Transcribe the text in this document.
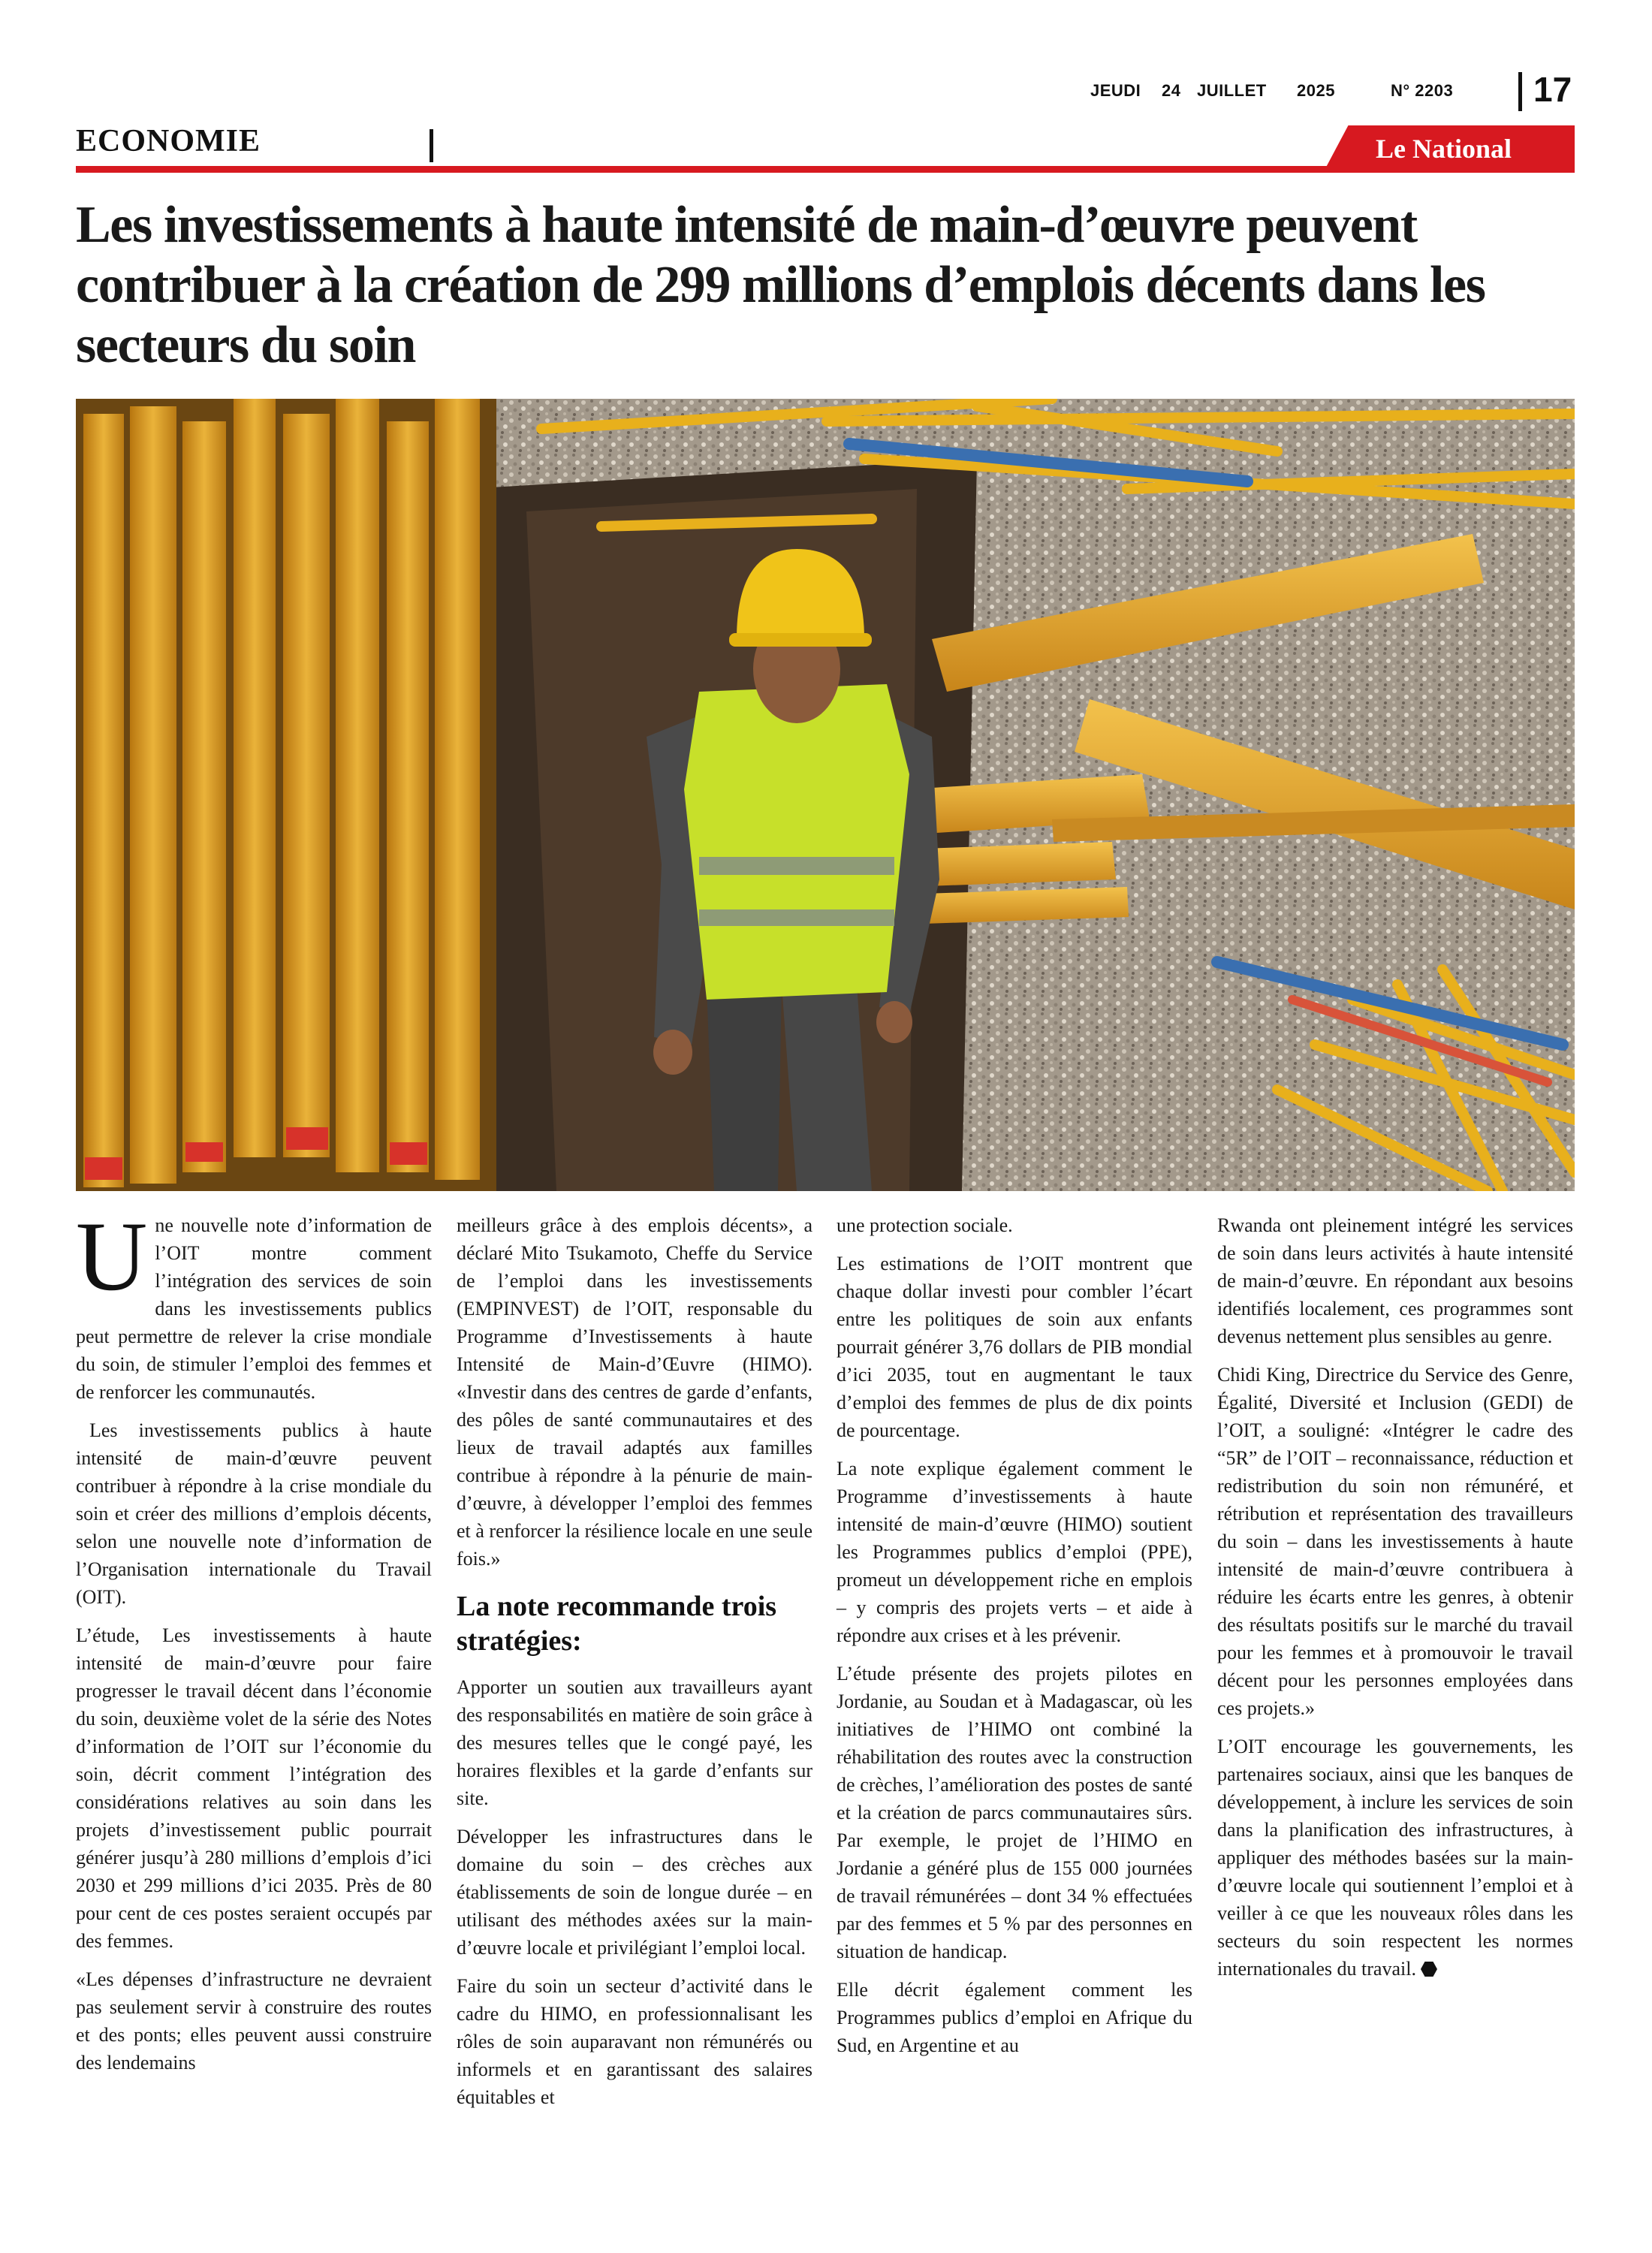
JEUDI 24 JUILLET 2025	N° 2203 17
ECONOMIE	Le National
Les investissements à haute intensité de main-d’œuvre peuvent contribuer à la création de 299 millions d’emplois décents dans les secteurs du soin

Une nouvelle note d’information de l’OIT montre comment l’intégration des services de soin dans les investissements publics peut permettre de relever la crise mondiale du soin, de stimuler l’emploi des femmes et de renforcer les communautés.

Les investissements publics à haute intensité de main-d’œuvre peuvent contribuer à répondre à la crise mondiale du soin et créer des millions d’emplois décents, selon une nouvelle note d’information de l’Organisation internationale du Travail (OIT).

L’étude, Les investissements à haute intensité de main-d’œuvre pour faire progresser le travail décent dans l’économie du soin, deuxième volet de la série des Notes d’information de l’OIT sur l’économie du soin, décrit comment l’intégration des considérations relatives au soin dans les projets d’investissement public pourrait générer jusqu’à 280 millions d’emplois d’ici 2030 et 299 millions d’ici 2035. Près de 80 pour cent de ces postes seraient occupés par des femmes.

«Les dépenses d’infrastructure ne devraient pas seulement servir à construire des routes et des ponts; elles peuvent aussi construire des lendemains

meilleurs grâce à des emplois décents», a déclaré Mito Tsukamoto, Cheffe du Service de l’emploi dans les investissements (EMPINVEST) de l’OIT, responsable du Programme d’Investissements à haute Intensité de Main-d’Œuvre (HIMO). «Investir dans des centres de garde d’enfants, des pôles de santé communautaires et des lieux de travail adaptés aux familles contribue à répondre à la pénurie de main-d’œuvre, à développer l’emploi des femmes et à renforcer la résilience locale en une seule fois.»

La note recommande trois stratégies:

Apporter un soutien aux travailleurs ayant des responsabilités en matière de soin grâce à des mesures telles que le congé payé, les horaires flexibles et la garde d’enfants sur site.

Développer les infrastructures dans le domaine du soin – des crèches aux établissements de soin de longue durée – en utilisant des méthodes axées sur la main-d’œuvre locale et privilégiant l’emploi local.

Faire du soin un secteur d’activité dans le cadre du HIMO, en professionnalisant les rôles de soin auparavant non rémunérés ou informels et en garantissant des salaires équitables et

une protection sociale.

Les estimations de l’OIT montrent que chaque dollar investi pour combler l’écart entre les politiques de soin aux enfants pourrait générer 3,76 dollars de PIB mondial d’ici 2035, tout en augmentant le taux d’emploi des femmes de plus de dix points de pourcentage.

La note explique également comment le Programme d’investissements à haute intensité de main-d’œuvre (HIMO) soutient les Programmes publics d’emploi (PPE), promeut un développement riche en emplois – y compris des projets verts – et aide à répondre aux crises et à les prévenir.

L’étude présente des projets pilotes en Jordanie, au Soudan et à Madagascar, où les initiatives de l’HIMO ont combiné la réhabilitation des routes avec la construction de crèches, l’amélioration des postes de santé et la création de parcs communautaires sûrs. Par exemple, le projet de l’HIMO en Jordanie a généré plus de 155 000 journées de travail rémunérées – dont 34 % effectuées par des femmes et 5 % par des personnes en situation de handicap.

Elle décrit également comment les Programmes publics d’emploi en Afrique du Sud, en Argentine et au

Rwanda ont pleinement intégré les services de soin dans leurs activités à haute intensité de main-d’œuvre. En répondant aux besoins identifiés localement, ces programmes sont devenus nettement plus sensibles au genre.

Chidi King, Directrice du Service des Genre, Égalité, Diversité et Inclusion (GEDI) de l’OIT, a souligné: «Intégrer le cadre des “5R” de l’OIT – reconnaissance, réduction et redistribution du soin non rémunéré, et rétribution et représentation des travailleurs du soin – dans les investissements à haute intensité de main-d’œuvre contribuera à réduire les écarts entre les genres, à obtenir des résultats positifs sur le marché du travail pour les femmes et à promouvoir le travail décent pour les personnes employées dans ces projets.»

L’OIT encourage les gouvernements, les partenaires sociaux, ainsi que les banques de développement, à inclure les services de soin dans la planification des infrastructures, à appliquer des méthodes basées sur la main-d’œuvre locale qui soutiennent l’emploi et à veiller à ce que les nouveaux rôles dans les secteurs du soin respectent les normes internationales du travail.
